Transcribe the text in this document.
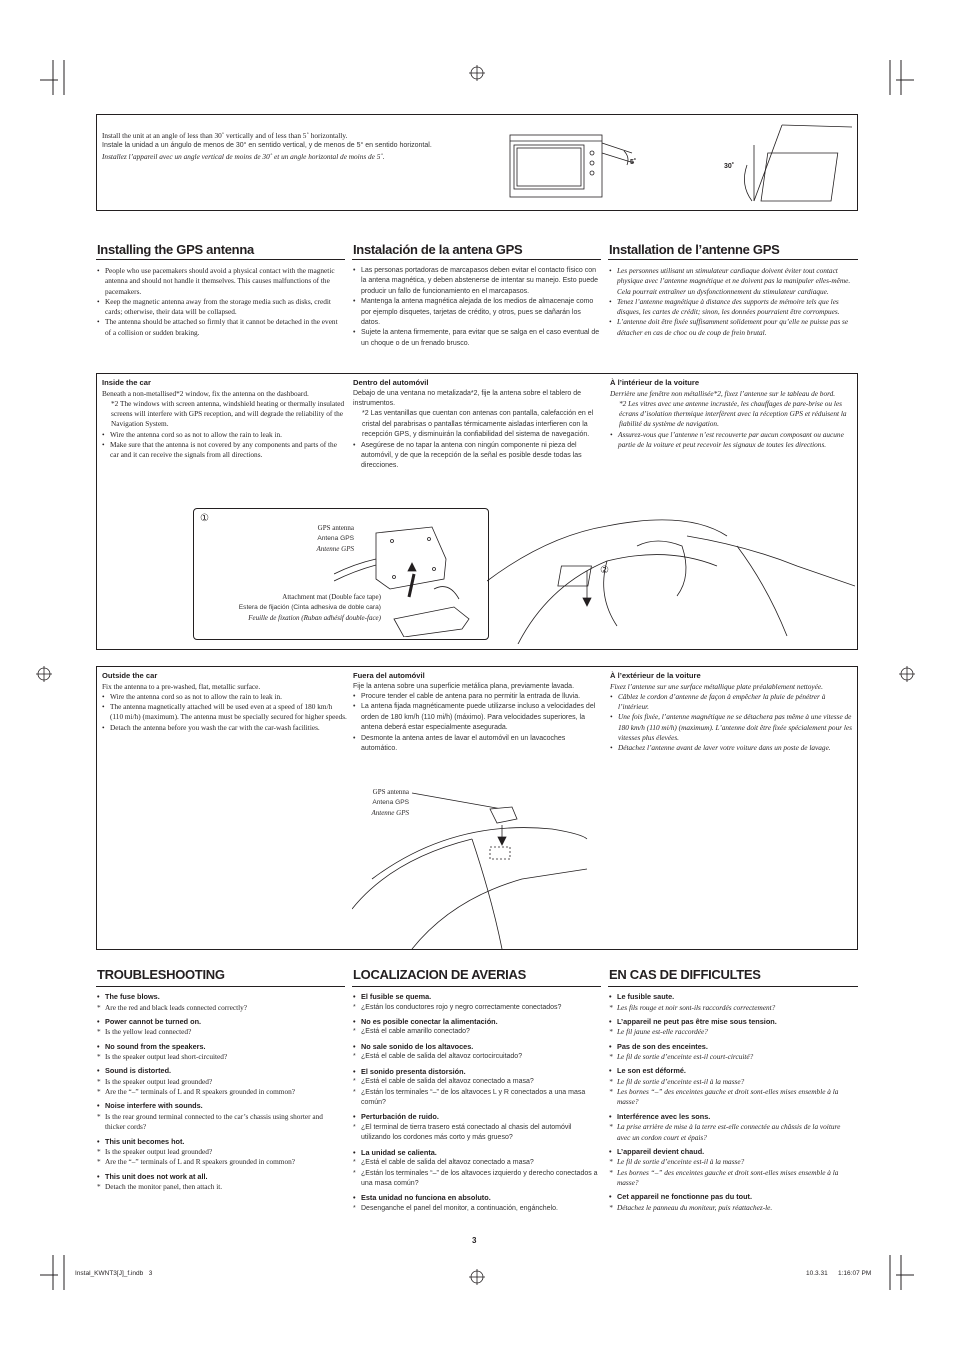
Install the unit at an angle of less than 30˚ vertically and of less than 5˚ horizontally.
Instale la unidad a un ángulo de menos de 30° en sentido vertical, y de menos de 5° en sentido horizontal.
Installez l’appareil avec un angle vertical de moins de 30˚ et un angle horizontal de moins de 5˚.
5˚
30˚
Installing the GPS antenna	Instalación de la antena GPS	Installation de l’antenne GPS
• People who use pacemakers should avoid a physical contact with the magnetic antenna and should not handle it themselves. This causes malfunctions of the pacemakers.
• Keep the magnetic antenna away from the storage media such as disks, credit cards; otherwise, their data will be collapsed.
• The antenna should be attached so firmly that it cannot be detached in the event of a collision or sudden braking.
• Las personas portadoras de marcapasos deben evitar el contacto físico con la antena magnética, y deben abstenerse de intentar su manejo. Esto puede producir un fallo de funcionamiento en el marcapasos.
• Mantenga la antena magnética alejada de los medios de almacenaje como por ejemplo disquetes, tarjetas de crédito, y otros, pues se dañarán los datos.
• Sujete la antena firmemente, para evitar que se salga en el caso eventual de un choque o de un frenado brusco.
• Les personnes utilisant un stimulateur cardiaque doivent éviter tout contact physique avec l’antenne magnétique et ne doivent pas la manipuler elles-même. Cela pourrait entraîner un dysfonctionnement du stimulateur cardiaque.
• Tenez l’antenne magnétique à distance des supports de mémoire tels que les disques, les cartes de crédit; sinon, les données pourraient être corrompues.
• L’antenne doit être fixée suffisamment solidement pour qu’elle ne puisse pas se détacher en cas de choc ou de coup de frein brutal.
Inside the car
Beneath a non-metallised*2 window, fix the antenna on the dashboard.
*2 The windows with screen antenna, windshield heating or thermally insulated screens will interfere with GPS reception, and will degrade the reliability of the Navigation System.
• Wire the antenna cord so as not to allow the rain to leak in.
• Make sure that the antenna is not covered by any components and parts of the car and it can receive the signals from all directions.
Dentro del automóvil
Debajo de una ventana no metalizada*2, fije la antena sobre el tablero de instrumentos.
*2 Las ventanillas que cuentan con antenas con pantalla, calefacción en el cristal del parabrisas o pantallas térmicamente aisladas interfieren con la recepción GPS, y disminuirán la confiabilidad del sistema de navegación.
• Asegúrese de no tapar la antena con ningún componente ni pieza del automóvil, y de que la recepción de la señal es posible desde todas las direcciones.
À l’intérieur de la voiture
Derrière une fenêtre non métallisée*2, fixez l’antenne sur le tableau de bord.
*2 Les vitres avec une antenne incrustée, les chauffages de pare-brise ou les écrans d’isolation thermique interfèrent avec la réception GPS et réduisent la fiabilité du système de navigation.
• Assurez-vous que l’antenne n’est recouverte par aucun composant ou aucune partie de la voiture et peut recevoir les signaux de toutes les directions.
①
GPS antenna
Antena GPS
Antenne GPS
Attachment mat (Double face tape)
Estera de fijación (Cinta adhesiva de doble cara)
Feuille de fixation (Ruban adhésif double-face)
②
Outside the car
Fix the antenna to a pre-washed, flat, metallic surface.
• Wire the antenna cord so as not to allow the rain to leak in.
• The antenna magnetically attached will be used even at a speed of 180 km/h (110 mi/h) (maximum). The antenna must be specially secured for higher speeds.
• Detach the antenna before you wash the car with the car-wash facilities.
Fuera del automóvil
Fije la antena sobre una superficie metálica plana, previamente lavada.
• Procure tender el cable de antena para no permitir la entrada de lluvia.
• La antena fijada magnéticamente puede utilizarse incluso a velocidades del orden de 180 km/h (110 mi/h) (máximo). Para velocidades superiores, la antena deberá estar especialmente asegurada.
• Desmonte la antena antes de lavar el automóvil en un lavacoches automático.
À l’extérieur de la voiture
Fixez l’antenne sur une surface métallique plate préalablement nettoyée.
• Câblez le cordon d’antenne de façon à empêcher la pluie de pénétrer à l’intérieur.
• Une fois fixée, l’antenne magnétique ne se détachera pas même à une vitesse de 180 km/h (110 mi/h) (maximum). L’antenne doit être fixée spécialement pour les vitesses plus élevées.
• Détachez l’antenne avant de laver votre voiture dans un poste de lavage.
GPS antenna
Antena GPS
Antenne GPS
TROUBLESHOOTING	LOCALIZACION DE AVERIAS	EN CAS DE DIFFICULTES
• The fuse blows.
* Are the red and black leads connected correctly?
• Power cannot be turned on.
* Is the yellow lead connected?
• No sound from the speakers.
* Is the speaker output lead short-circuited?
• Sound is distorted.
* Is the speaker output lead grounded?
* Are the “–” terminals of L and R speakers grounded in common?
• Noise interfere with sounds.
* Is the rear ground terminal connected to the car’s chassis using shorter and thicker cords?
• This unit becomes hot.
* Is the speaker output lead grounded?
* Are the “–” terminals of L and R speakers grounded in common?
• This unit does not work at all.
* Detach the monitor panel, then attach it.
• El fusible se quema.
* ¿Están los conductores rojo y negro correctamente conectados?
• No es posible conectar la alimentación.
* ¿Está el cable amarillo conectado?
• No sale sonido de los altavoces.
* ¿Está el cable de salida del altavoz cortocircuitado?
• El sonido presenta distorsión.
* ¿Está el cable de salida del altavoz conectado a masa?
* ¿Están los terminales “–” de los altavoces L y R conectados a una masa común?
• Perturbación de ruido.
* ¿El terminal de tierra trasero está conectado al chasis del automóvil utilizando los cordones más corto y más grueso?
• La unidad se calienta.
* ¿Está el cable de salida del altavoz conectado a masa?
* ¿Están los terminales “–” de los altavoces izquierdo y derecho conectados a una masa común?
• Esta unidad no funciona en absoluto.
* Desenganche el panel del monitor, a continuación, engánchelo.
• Le fusible saute.
* Les fils rouge et noir sont-ils raccordés correctement?
• L’appareil ne peut pas être mise sous tension.
* Le fil jaune est-elle raccordée?
• Pas de son des enceintes.
* Le fil de sortie d’enceinte est-il court-circuité?
• Le son est déformé.
* Le fil de sortie d’enceinte est-il à la masse?
* Les bornes “–” des enceintes gauche et droit sont-elles mises ensemble à la masse?
• Interférence avec les sons.
* La prise arrière de mise à la terre est-elle connectée au châssis de la voiture avec un cordon court et épais?
• L’appareil devient chaud.
* Le fil de sortie d’enceinte est-il à la masse?
* Les bornes “–” des enceintes gauche et droit sont-elles mises ensemble à la masse?
• Cet appareil ne fonctionne pas du tout.
* Détachez le panneau du moniteur, puis réattachez-le.
3
Instal_KWNT3[J]_f.indb   3	10.3.31 1:16:07 PM
